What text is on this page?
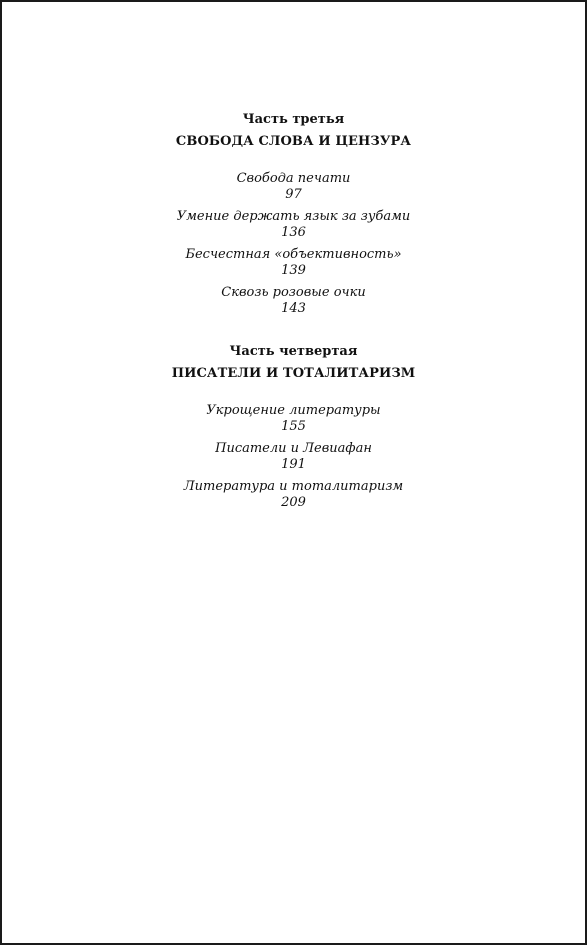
Часть третья

СВОБОДА СЛОВА И ЦЕНЗУРА

Свобода печати
97
Умение держать язык за зубами
136
Бесчестная «объективность»
139
Сквозь розовые очки
143

Часть четвертая

ПИСАТЕЛИ И ТОТАЛИТАРИЗМ

Укрощение литературы
155
Писатели и Левиафан
191
Литература и тоталитаризм
209
